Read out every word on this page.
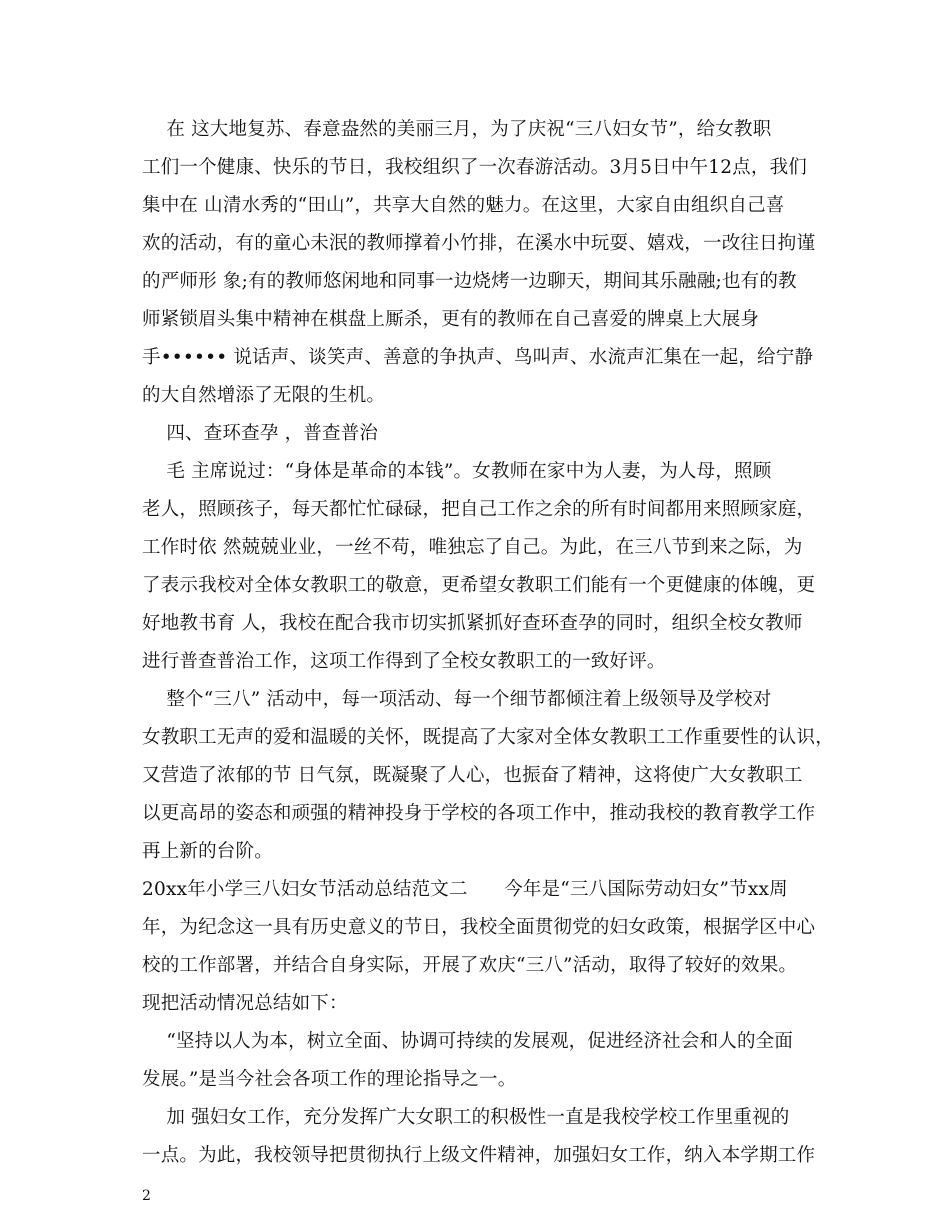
在 这大地复苏、春意盎然的美丽三月，为了庆祝“三八妇女节”，给女教职
工们一个健康、快乐的节日，我校组织了一次春游活动。3月5日中午12点，我们
集中在 山清水秀的“田山”，共享大自然的魅力。在这里，大家自由组织自己喜
欢的活动，有的童心未泯的教师撑着小竹排，在溪水中玩耍、嬉戏，一改往日拘谨
的严师形 象;有的教师悠闲地和同事一边烧烤一边聊天，期间其乐融融;也有的教
师紧锁眉头集中精神在棋盘上厮杀，更有的教师在自己喜爱的牌桌上大展身
手•••••• 说话声、谈笑声、善意的争执声、鸟叫声、水流声汇集在一起，给宁静
的大自然增添了无限的生机。
四、查环查孕 ，普查普治
毛 主席说过：“身体是革命的本钱”。女教师在家中为人妻，为人母，照顾
老人，照顾孩子，每天都忙忙碌碌，把自己工作之余的所有时间都用来照顾家庭，
工作时依 然兢兢业业，一丝不苟，唯独忘了自己。为此，在三八节到来之际，为
了表示我校对全体女教职工的敬意，更希望女教职工们能有一个更健康的体魄，更
好地教书育 人，我校在配合我市切实抓紧抓好查环查孕的同时，组织全校女教师
进行普查普治工作，这项工作得到了全校女教职工的一致好评。
整个“三八” 活动中，每一项活动、每一个细节都倾注着上级领导及学校对
女教职工无声的爱和温暖的关怀，既提高了大家对全体女教职工工作重要性的认识，
又营造了浓郁的节 日气氛，既凝聚了人心，也振奋了精神，这将使广大女教职工
以更高昂的姿态和顽强的精神投身于学校的各项工作中，推动我校的教育教学工作
再上新的台阶。
20xx年小学三八妇女节活动总结范文二      今年是“三八国际劳动妇女”节xx周
年，为纪念这一具有历史意义的节日，我校全面贯彻党的妇女政策，根据学区中心
校的工作部署，并结合自身实际，开展了欢庆“三八”活动，取得了较好的效果。
现把活动情况总结如下：
“坚持以人为本，树立全面、协调可持续的发展观，促进经济社会和人的全面
发展。”是当今社会各项工作的理论指导之一。
加 强妇女工作，充分发挥广大女职工的积极性一直是我校学校工作里重视的
一点。为此，我校领导把贯彻执行上级文件精神，加强妇女工作，纳入本学期工作
2
